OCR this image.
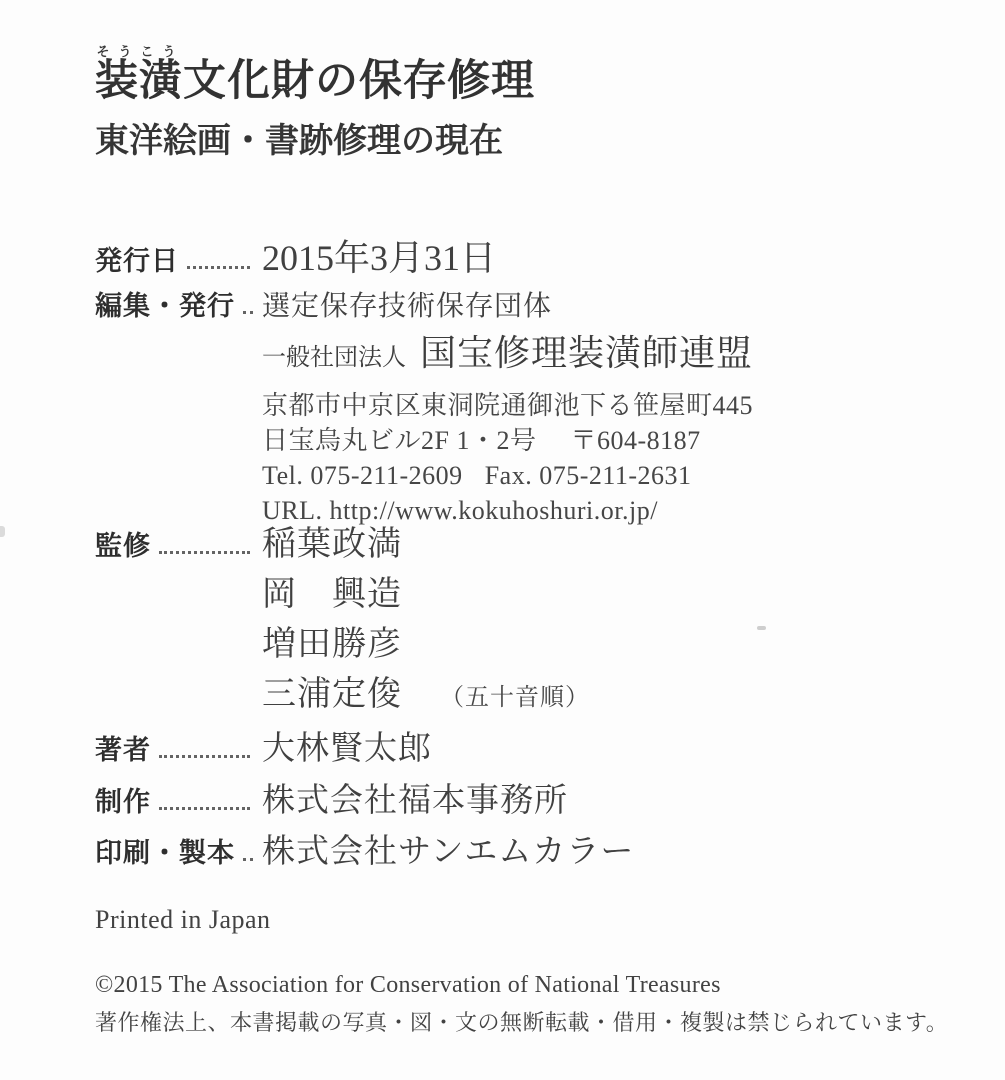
装潢そうこう文化財の保存修理
東洋絵画・書跡修理の現在
発行日 2015年3月31日
編集・発行 選定保存技術保存団体
一般社団法人 国宝修理装潢師連盟
京都市中京区東洞院通御池下る笹屋町445
日宝烏丸ビル2F 1・2号 〒604-8187
Tel. 075-211-2609 Fax. 075-211-2631
URL. http://www.kokuhoshuri.or.jp/
監修	稲葉政満
岡　興造
増田勝彦
三浦定俊 （五十音順）
著者	大林賢太郎
制作	株式会社福本事務所
印刷・製本 株式会社サンエムカラー
Printed in Japan
©2015 The Association for Conservation of National Treasures
著作権法上、本書掲載の写真・図・文の無断転載・借用・複製は禁じられています。
